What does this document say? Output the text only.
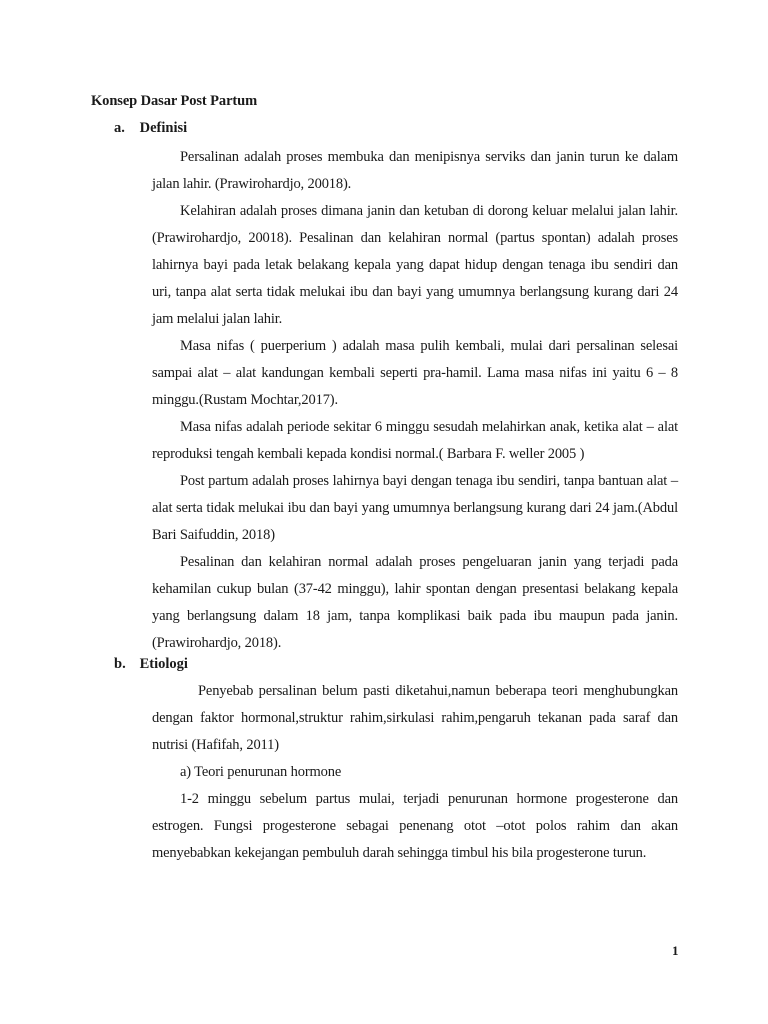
Konsep Dasar Post Partum
a. Definisi

Persalinan adalah proses membuka dan menipisnya serviks dan janin turun ke dalam jalan lahir. (Prawirohardjo, 20018).

Kelahiran adalah proses dimana janin dan ketuban di dorong keluar melalui jalan lahir. (Prawirohardjo, 20018). Pesalinan dan kelahiran normal (partus spontan) adalah proses lahirnya bayi pada letak belakang kepala yang dapat hidup dengan tenaga ibu sendiri dan uri, tanpa alat serta tidak melukai ibu dan bayi yang umumnya berlangsung kurang dari 24 jam melalui jalan lahir.

Masa nifas ( puerperium ) adalah masa pulih kembali, mulai dari persalinan selesai sampai alat – alat kandungan kembali seperti pra-hamil. Lama masa nifas ini yaitu 6 – 8 minggu.(Rustam Mochtar,2017).

Masa nifas adalah periode sekitar 6 minggu sesudah melahirkan anak, ketika alat – alat reproduksi tengah kembali kepada kondisi normal.( Barbara F. weller 2005 )

Post partum adalah proses lahirnya bayi dengan tenaga ibu sendiri, tanpa bantuan alat – alat serta tidak melukai ibu dan bayi yang umumnya berlangsung kurang dari 24 jam.(Abdul Bari Saifuddin, 2018)

Pesalinan dan kelahiran normal adalah proses pengeluaran janin yang terjadi pada kehamilan cukup bulan (37-42 minggu), lahir spontan dengan presentasi belakang kepala yang berlangsung dalam 18 jam, tanpa komplikasi baik pada ibu maupun pada janin. (Prawirohardjo, 2018).

b. Etiologi

Penyebab persalinan belum pasti diketahui,namun beberapa teori menghubungkan dengan faktor hormonal,struktur rahim,sirkulasi rahim,pengaruh tekanan pada saraf dan nutrisi (Hafifah, 2011)

a) Teori penurunan hormone

1-2 minggu sebelum partus mulai, terjadi penurunan hormone progesterone dan estrogen. Fungsi progesterone sebagai penenang otot –otot polos rahim dan akan menyebabkan kekejangan pembuluh darah sehingga timbul his bila progesterone turun.

1
